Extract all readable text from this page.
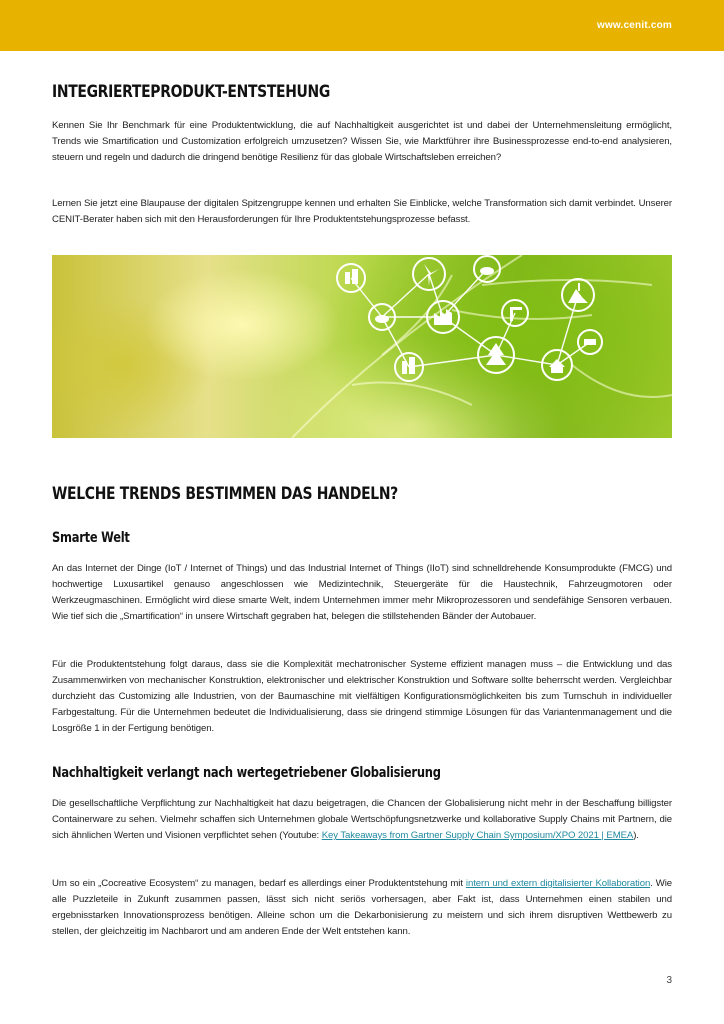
www.cenit.com
INTEGRIERTEPRODUKT-ENTSTEHUNG

Kennen Sie Ihr Benchmark für eine Produktentwicklung, die auf Nachhaltigkeit ausgerichtet ist und dabei der Unternehmensleitung ermöglicht, Trends wie Smartification und Customization erfolgreich umzusetzen? Wissen Sie, wie Marktführer ihre Businessprozesse end-to-end analysieren, steuern und regeln und dadurch die dringend benötige Resilienz für das globale Wirtschaftsleben erreichen?

Lernen Sie jetzt eine Blaupause der digitalen Spitzengruppe kennen und erhalten Sie Einblicke, welche Transformation sich damit verbindet. Unserer CENIT-Berater haben sich mit den Herausforderungen für Ihre Produktentstehungsprozesse befasst.

WELCHE TRENDS BESTIMMEN DAS HANDELN?
Smarte Welt

An das Internet der Dinge (IoT / Internet of Things) und das Industrial Internet of Things (IIoT) sind schnelldrehende Konsumprodukte (FMCG) und hochwertige Luxusartikel genauso angeschlossen wie Medizintechnik, Steuergeräte für die Haustechnik, Fahrzeugmotoren oder Werkzeugmaschinen. Ermöglicht wird diese smarte Welt, indem Unternehmen immer mehr Mikroprozessoren und sendefähige Sensoren verbauen. Wie tief sich die „Smartification“ in unsere Wirtschaft gegraben hat, belegen die stillstehenden Bänder der Autobauer.

Für die Produktentstehung folgt daraus, dass sie die Komplexität mechatronischer Systeme effizient managen muss – die Entwicklung und das Zusammenwirken von mechanischer Konstruktion, elektronischer und elektrischer Konstruktion und Software sollte beherrscht werden. Vergleichbar durchzieht das Customizing alle Industrien, von der Baumaschine mit vielfältigen Konfigurationsmöglichkeiten bis zum Turnschuh in individueller Farbgestaltung. Für die Unternehmen bedeutet die Individualisierung, dass sie dringend stimmige Lösungen für das Variantenmanagement und die Losgröße 1 in der Fertigung benötigen.

Nachhaltigkeit verlangt nach wertegetriebener Globalisierung

Die gesellschaftliche Verpflichtung zur Nachhaltigkeit hat dazu beigetragen, die Chancen der Globalisierung nicht mehr in der Beschaffung billigster Containerware zu sehen. Vielmehr schaffen sich Unternehmen globale Wertschöpfungsnetzwerke und kollaborative Supply Chains mit Partnern, die sich ähnlichen Werten und Visionen verpflichtet sehen (Youtube: Key Takeaways from Gartner Supply Chain Symposium/XPO 2021 | EMEA).

Um so ein „Cocreative Ecosystem“ zu managen, bedarf es allerdings einer Produktentstehung mit intern und extern digitalisierter Kollaboration. Wie alle Puzzleteile in Zukunft zusammen passen, lässt sich nicht seriös vorhersagen, aber Fakt ist, dass Unternehmen einen stabilen und ergebnisstarken Innovationsprozess benötigen. Alleine schon um die Dekarbonisierung zu meistern und sich ihrem disruptiven Wettbewerb zu stellen, der gleichzeitig im Nachbarort und am anderen Ende der Welt entstehen kann.

3
